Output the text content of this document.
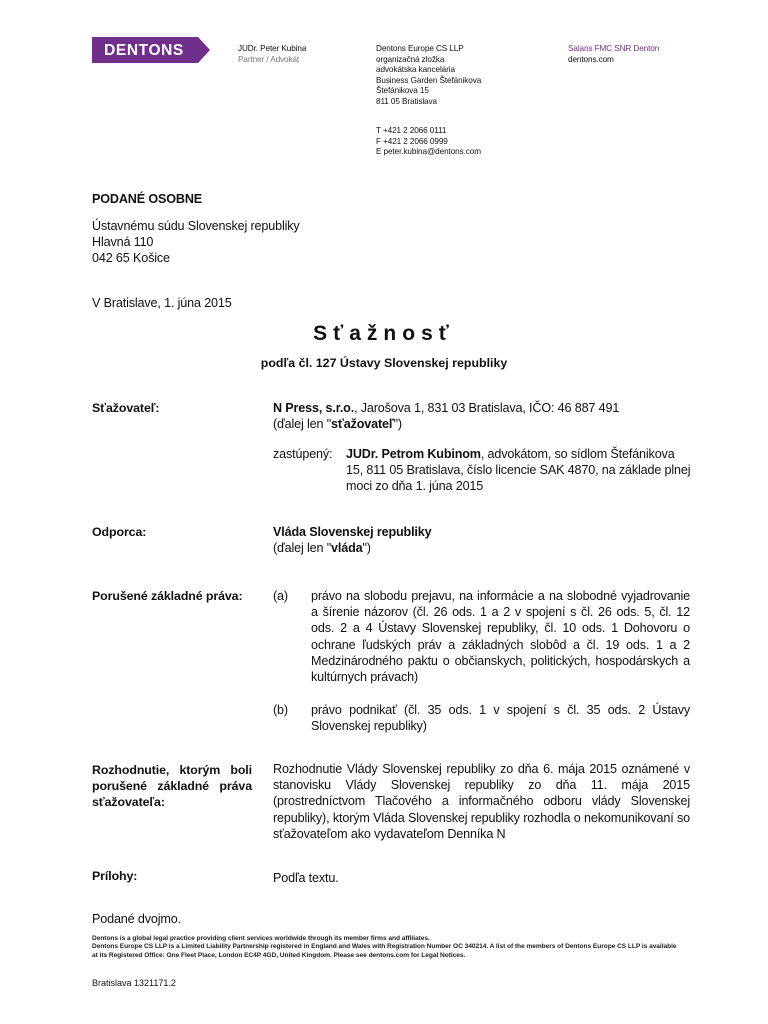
DENTONS	JUDr. Peter Kubina
Partner / Advokát
Dentons Europe CS LLP
organizačná zložka
advokátska kancelária
Business Garden Štefánikova
Štefánikova 15
811 05 Bratislava
T +421 2 2066 0111
F +421 2 2066 0999
E peter.kubina@dentons.com
Salans FMC SNR Denton
dentons.com
PODANÉ OSOBNE
Ústavnému súdu Slovenskej republiky
Hlavná 110
042 65 Košice
V Bratislave, 1. júna 2015
Sťažnosť
podľa čl. 127 Ústavy Slovenskej republiky
Sťažovateľ:	N Press, s.r.o., Jarošova 1, 831 03 Bratislava, IČO: 46 887 491
(ďalej len "sťažovateľ")
zastúpený: JUDr. Petrom Kubinom, advokátom, so sídlom Štefánikova 15, 811 05 Bratislava, číslo licencie SAK 4870, na základe plnej moci zo dňa 1. júna 2015
Odporca:	Vláda Slovenskej republiky
(ďalej len "vláda")
Porušené základné práva: (a) právo na slobodu prejavu, na informácie a na slobodné vyjadrovanie a šírenie názorov (čl. 26 ods. 1 a 2 v spojení s čl. 26 ods. 5, čl. 12 ods. 2 a 4 Ústavy Slovenskej republiky, čl. 10 ods. 1 Dohovoru o ochrane ľudských práv a základných slobôd a čl. 19 ods. 1 a 2 Medzinárodného paktu o občianskych, politických, hospodárskych a kultúrnych právach)
(b) právo podnikať (čl. 35 ods. 1 v spojení s čl. 35 ods. 2 Ústavy Slovenskej republiky)
Rozhodnutie, ktorým boli porušené základné práva sťažovateľa:
Rozhodnutie Vlády Slovenskej republiky zo dňa 6. mája 2015 oznámené v stanovisku Vlády Slovenskej republiky zo dňa 11. mája 2015 (prostredníctvom Tlačového a informačného odboru vlády Slovenskej republiky), ktorým Vláda Slovenskej republiky rozhodla o nekomunikovaní so sťažovateľom ako vydavateľom Denníka N
Prílohy:	Podľa textu.
Podané dvojmo.
Dentons is a global legal practice providing client services worldwide through its member firms and affiliates.
Dentons Europe CS LLP is a Limited Liability Partnership registered in England and Wales with Registration Number OC 340214. A list of the members of Dentons Europe CS LLP is available at its Registered Office: One Fleet Place, London EC4P 4GD, United Kingdom. Please see dentons.com for Legal Notices.
Bratislava 1321171.2
